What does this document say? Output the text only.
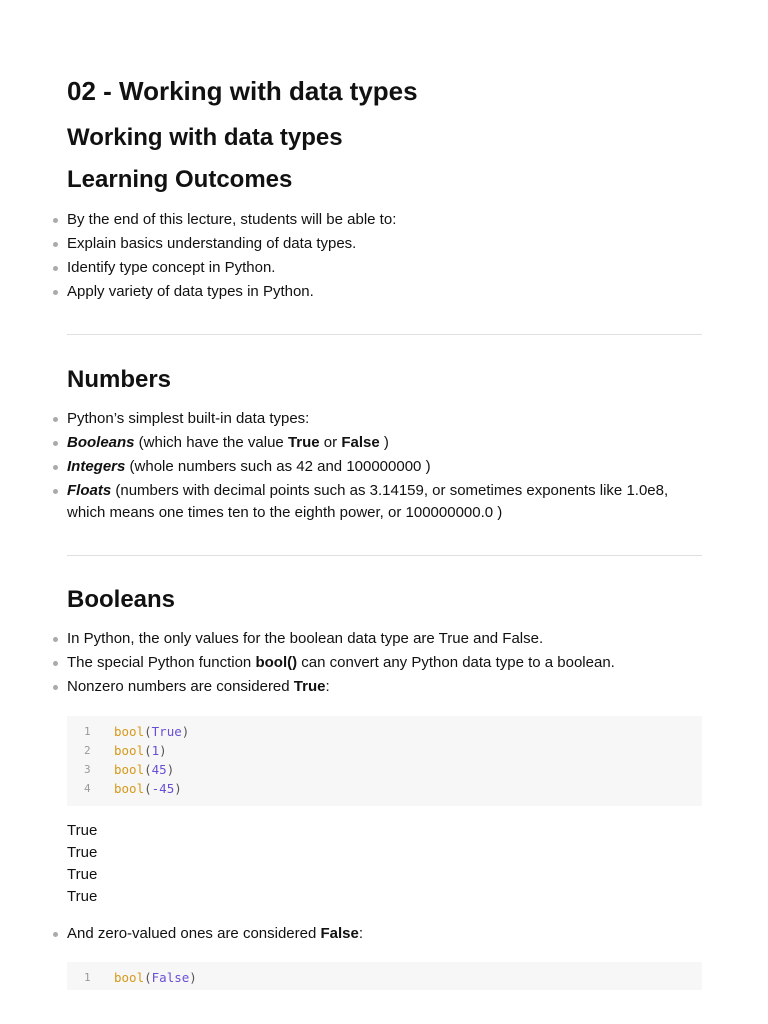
02 - Working with data types
Working with data types
Learning Outcomes
By the end of this lecture, students will be able to:
Explain basics understanding of data types.
Identify type concept in Python.
Apply variety of data types in Python.
Numbers
Python’s simplest built-in data types:
Booleans (which have the value True or False )
Integers (whole numbers such as 42 and 100000000 )
Floats (numbers with decimal points such as 3.14159, or sometimes exponents like 1.0e8, which means one times ten to the eighth power, or 100000000.0 )
Booleans
In Python, the only values for the boolean data type are True and False.
The special Python function bool() can convert any Python data type to a boolean.
Nonzero numbers are considered True:
1 bool(True)
2 bool(1)
3 bool(45)
4 bool(-45)
True
True
True
True
And zero-valued ones are considered False:
1 bool(False)
